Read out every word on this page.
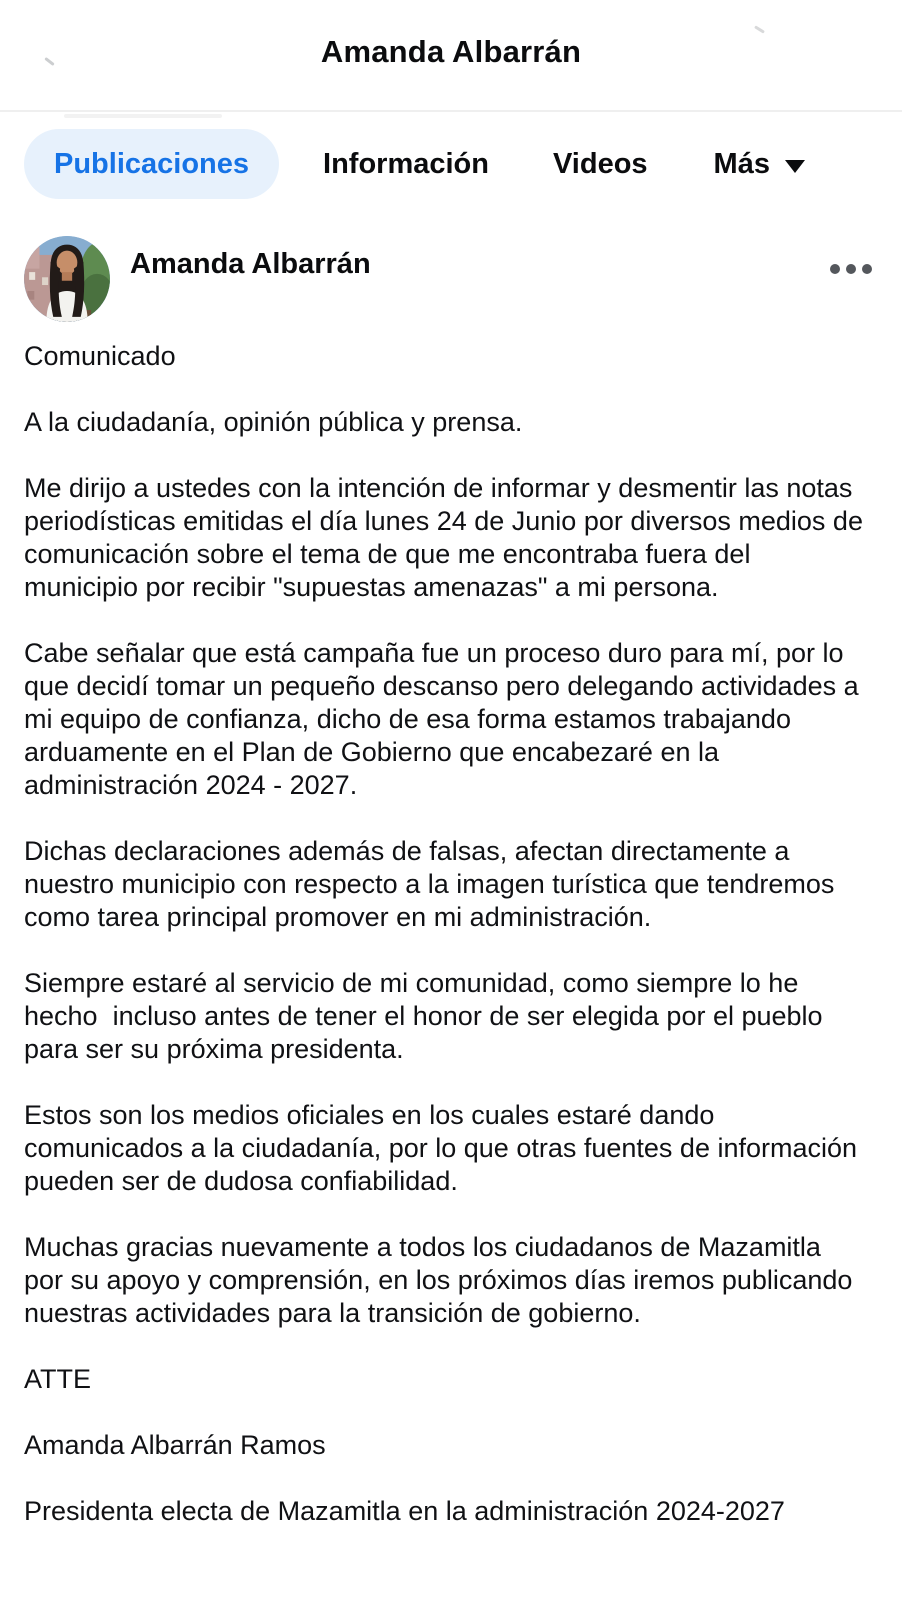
Amanda Albarrán
Publicaciones	Información Videos Más
Amanda Albarrán

Comunicado

A la ciudadanía, opinión pública y prensa.

Me dirijo a ustedes con la intención de informar y desmentir las notas periodísticas emitidas el día lunes 24 de Junio por diversos medios de comunicación sobre el tema de que me encontraba fuera del municipio por recibir "supuestas amenazas" a mi persona.

Cabe señalar que está campaña fue un proceso duro para mí, por lo que decidí tomar un pequeño descanso pero delegando actividades a mi equipo de confianza, dicho de esa forma estamos trabajando arduamente en el Plan de Gobierno que encabezaré en la administración 2024 - 2027.

Dichas declaraciones además de falsas, afectan directamente a nuestro municipio con respecto a la imagen turística que tendremos como tarea principal promover en mi administración.

Siempre estaré al servicio de mi comunidad, como siempre lo he hecho  incluso antes de tener el honor de ser elegida por el pueblo para ser su próxima presidenta.

Estos son los medios oficiales en los cuales estaré dando comunicados a la ciudadanía, por lo que otras fuentes de información pueden ser de dudosa confiabilidad.

Muchas gracias nuevamente a todos los ciudadanos de Mazamitla por su apoyo y comprensión, en los próximos días iremos publicando nuestras actividades para la transición de gobierno.

ATTE

Amanda Albarrán Ramos

Presidenta electa de Mazamitla en la administración 2024-2027
